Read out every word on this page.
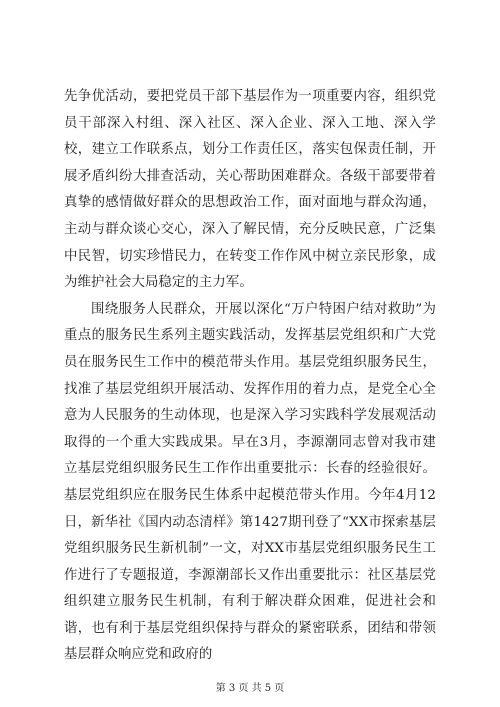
先争优活动，要把党员干部下基层作为一项重要内容，组织党员干部深入村组、深入社区、深入企业、深入工地、深入学校，建立工作联系点，划分工作责任区，落实包保责任制，开展矛盾纠纷大排查活动，关心帮助困难群众。各级干部要带着真挚的感情做好群众的思想政治工作，面对面地与群众沟通，主动与群众谈心交心，深入了解民情，充分反映民意，广泛集中民智，切实珍惜民力，在转变工作作风中树立亲民形象，成为维护社会大局稳定的主力军。

围绕服务人民群众，开展以深化“万户特困户结对救助”为重点的服务民生系列主题实践活动，发挥基层党组织和广大党员在服务民生工作中的模范带头作用。基层党组织服务民生，找准了基层党组织开展活动、发挥作用的着力点，是党全心全意为人民服务的生动体现，也是深入学习实践科学发展观活动取得的一个重大实践成果。早在3月，李源潮同志曾对我市建立基层党组织服务民生工作作出重要批示：长春的经验很好。基层党组织应在服务民生体系中起模范带头作用。今年4月12日，新华社《国内动态清样》第1427期刊登了“XX市探索基层党组织服务民生新机制”一文，对XX市基层党组织服务民生工作进行了专题报道，李源潮部长又作出重要批示：社区基层党组织建立服务民生机制，有利于解决群众困难，促进社会和谐，也有利于基层党组织保持与群众的紧密联系，团结和带领基层群众响应党和政府的

第 3 页 共 5 页
